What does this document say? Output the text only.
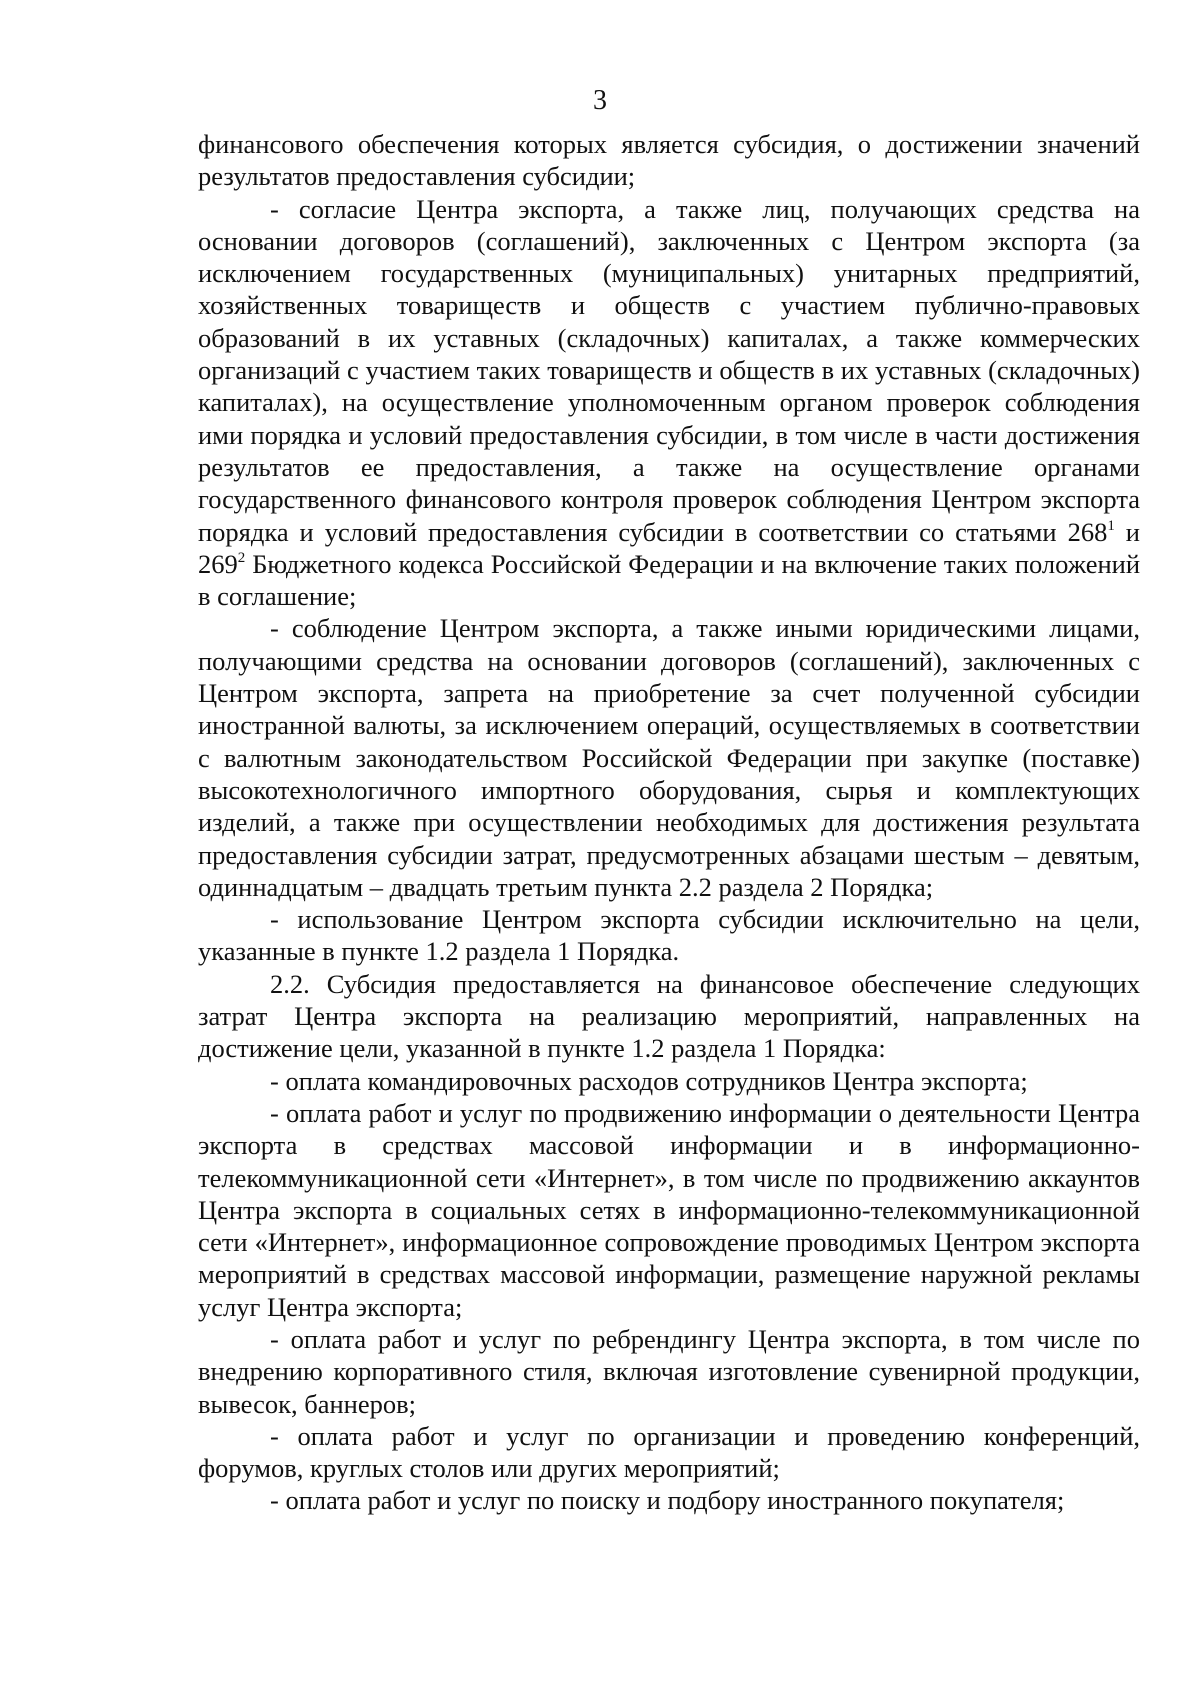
3

финансового обеспечения которых является субсидия, о достижении значений результатов предоставления субсидии;

- согласие Центра экспорта, а также лиц, получающих средства на основании договоров (соглашений), заключенных с Центром экспорта (за исключением государственных (муниципальных) унитарных предприятий, хозяйственных товариществ и обществ с участием публично-правовых образований в их уставных (складочных) капиталах, а также коммерческих организаций с участием таких товариществ и обществ в их уставных (складочных) капиталах), на осуществление уполномоченным органом проверок соблюдения ими порядка и условий предоставления субсидии, в том числе в части достижения результатов ее предоставления, а также на осуществление органами государственного финансового контроля проверок соблюдения Центром экспорта порядка и условий предоставления субсидии в соответствии со статьями $268^1$ и $269^2$ Бюджетного кодекса Российской Федерации и на включение таких положений в соглашение;

- соблюдение Центром экспорта, а также иными юридическими лицами, получающими средства на основании договоров (соглашений), заключенных с Центром экспорта, запрета на приобретение за счет полученной субсидии иностранной валюты, за исключением операций, осуществляемых в соответствии с валютным законодательством Российской Федерации при закупке (поставке) высокотехнологичного импортного оборудования, сырья и комплектующих изделий, а также при осуществлении необходимых для достижения результата предоставления субсидии затрат, предусмотренных абзацами шестым – девятым, одиннадцатым – двадцать третьим пункта 2.2 раздела 2 Порядка;

- использование Центром экспорта субсидии исключительно на цели, указанные в пункте 1.2 раздела 1 Порядка.

2.2. Субсидия предоставляется на финансовое обеспечение следующих затрат Центра экспорта на реализацию мероприятий, направленных на достижение цели, указанной в пункте 1.2 раздела 1 Порядка:

- оплата командировочных расходов сотрудников Центра экспорта;

- оплата работ и услуг по продвижению информации о деятельности Центра экспорта в средствах массовой информации и в информационно-телекоммуникационной сети «Интернет», в том числе по продвижению аккаунтов Центра экспорта в социальных сетях в информационно-телекоммуникационной сети «Интернет», информационное сопровождение проводимых Центром экспорта мероприятий в средствах массовой информации, размещение наружной рекламы услуг Центра экспорта;

- оплата работ и услуг по ребрендингу Центра экспорта, в том числе по внедрению корпоративного стиля, включая изготовление сувенирной продукции, вывесок, баннеров;

- оплата работ и услуг по организации и проведению конференций, форумов, круглых столов или других мероприятий;

- оплата работ и услуг по поиску и подбору иностранного покупателя;
